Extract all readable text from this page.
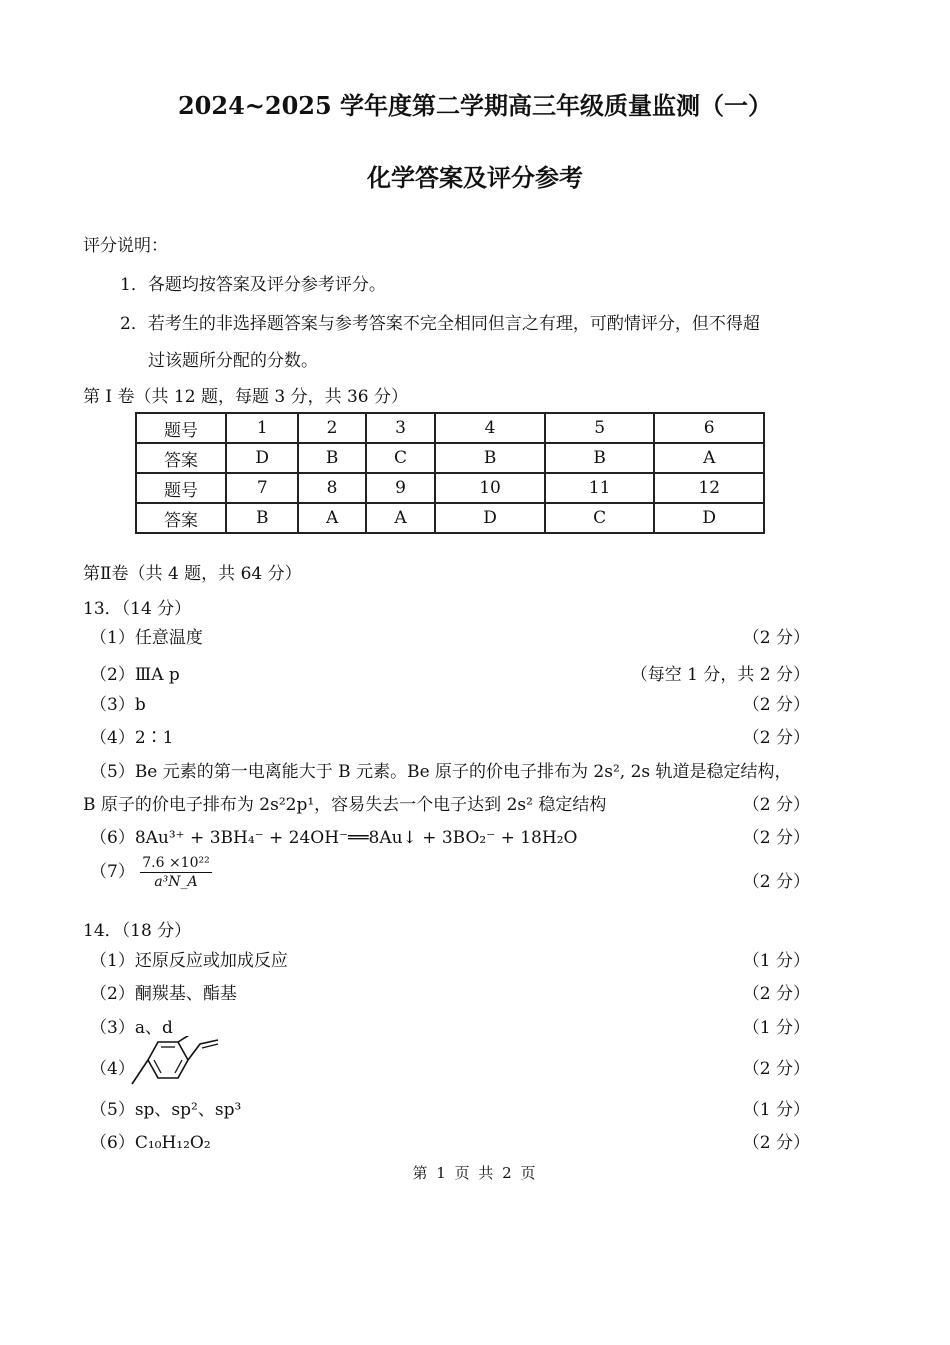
2024~2025 学年度第二学期高三年级质量监测（一）
化学答案及评分参考
评分说明：
1．各题均按答案及评分参考评分。
2．若考生的非选择题答案与参考答案不完全相同但言之有理，可酌情评分，但不得超
过该题所分配的分数。
第 I 卷（共 12 题，每题 3 分，共 36 分）
题号	1	2	3	4	5	6
答案	D	B	C	B	B	A
题号	7	8	9	10	11	12
答案	B	A	A	D	C	D
第Ⅱ卷（共 4 题，共 64 分）
13．（14 分）
（1）任意温度	（2 分）
（2）ⅢA p	（每空 1 分，共 2 分）
（3）b	（2 分）
（4）2∶1	（2 分）
（5）Be 元素的第一电离能大于 B 元素。Be 原子的价电子排布为 2s², 2s 轨道是稳定结构，
B 原子的价电子排布为 2s²2p¹，容易失去一个电子达到 2s² 稳定结构	（2 分）
（6）8Au³⁺ + 3BH₄⁻ + 24OH⁻══8Au↓ + 3BO₂⁻ + 18H₂O	（2 分）
$(7) \frac{\text{7.6 ×10²²}}{\text{a³N\_A}}$	（2 分）
14．（18 分）
（1）还原反应或加成反应	（1 分）
（2）酮羰基、酯基	（2 分）
（3）a、d	（1 分）
（4）	（2 分）
（5）sp、sp²、sp³	（1 分）
（6）C₁₀H₁₂O₂	（2 分）
第 1 页 共 2 页
